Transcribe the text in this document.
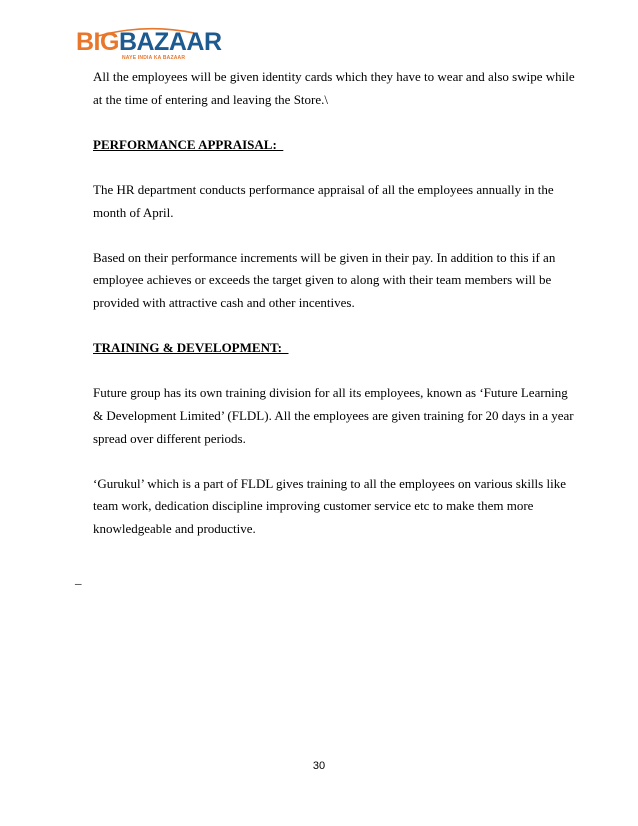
BIGBAZAAR
NAYE INDIA KA BAZAAR

All the employees will be given identity cards which they have to wear and also swipe while
at the time of entering and leaving the Store.\

PERFORMANCE APPRAISAL:

The HR department conducts performance appraisal of all the employees annually in the
month of April.

Based on their performance increments will be given in their pay. In addition to this if an
employee achieves or exceeds the target given to along with their team members will be
provided with attractive cash and other incentives.

TRAINING & DEVELOPMENT:

Future group has its own training division for all its employees, known as ‘Future Learning
& Development Limited’ (FLDL). All the employees are given training for 20 days in a year
spread over different periods.

‘Gurukul’ which is a part of FLDL gives training to all the employees on various skills like
team work, dedication discipline improving customer service etc to make them more
knowledgeable and productive.

_
30
